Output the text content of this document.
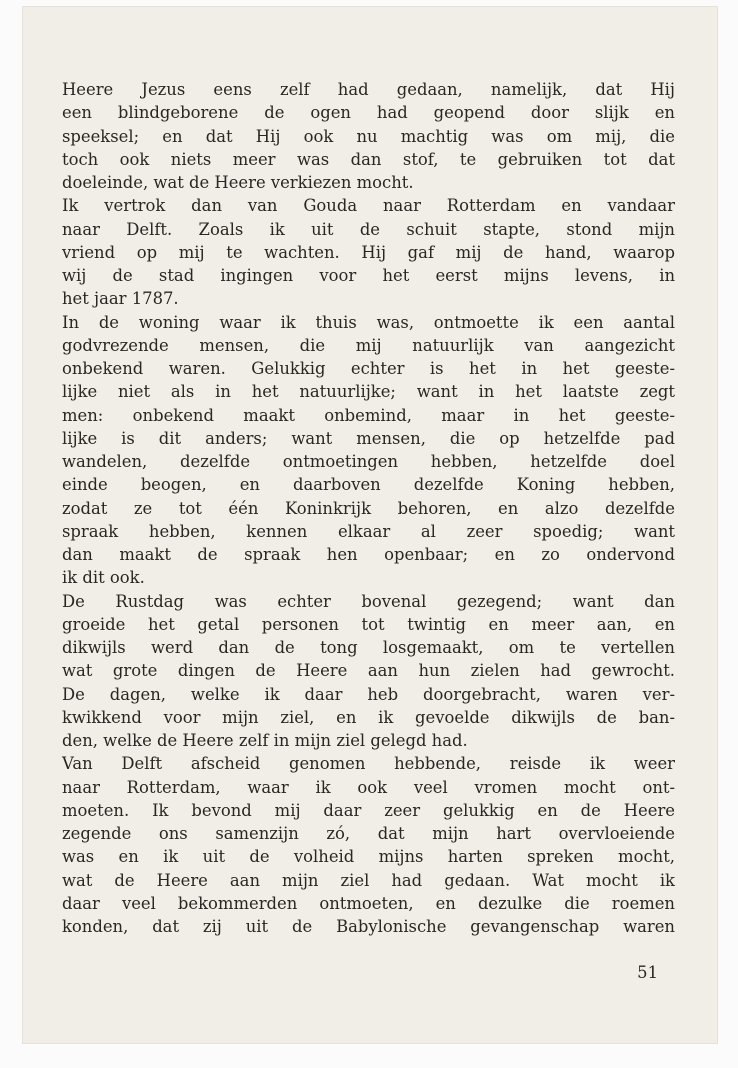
Heere Jezus eens zelf had gedaan, namelijk, dat Hij
een blindgeborene de ogen had geopend door slijk en
speeksel; en dat Hij ook nu machtig was om mij, die
toch ook niets meer was dan stof, te gebruiken tot dat
doeleinde, wat de Heere verkiezen mocht.
Ik vertrok dan van Gouda naar Rotterdam en vandaar
naar Delft. Zoals ik uit de schuit stapte, stond mijn
vriend op mij te wachten. Hij gaf mij de hand, waarop
wij de stad ingingen voor het eerst mijns levens, in
het jaar 1787.
In de woning waar ik thuis was, ontmoette ik een aantal
godvrezende mensen, die mij natuurlijk van aangezicht
onbekend waren. Gelukkig echter is het in het geeste-
lijke niet als in het natuurlijke; want in het laatste zegt
men: onbekend maakt onbemind, maar in het geeste-
lijke is dit anders; want mensen, die op hetzelfde pad
wandelen, dezelfde ontmoetingen hebben, hetzelfde doel
einde beogen, en daarboven dezelfde Koning hebben,
zodat ze tot één Koninkrijk behoren, en alzo dezelfde
spraak hebben, kennen elkaar al zeer spoedig; want
dan maakt de spraak hen openbaar; en zo ondervond
ik dit ook.
De Rustdag was echter bovenal gezegend; want dan
groeide het getal personen tot twintig en meer aan, en
dikwijls werd dan de tong losgemaakt, om te vertellen
wat grote dingen de Heere aan hun zielen had gewrocht.
De dagen, welke ik daar heb doorgebracht, waren ver-
kwikkend voor mijn ziel, en ik gevoelde dikwijls de ban-
den, welke de Heere zelf in mijn ziel gelegd had.
Van Delft afscheid genomen hebbende, reisde ik weer
naar Rotterdam, waar ik ook veel vromen mocht ont-
moeten. Ik bevond mij daar zeer gelukkig en de Heere
zegende ons samenzijn zó, dat mijn hart overvloeiende
was en ik uit de volheid mijns harten spreken mocht,
wat de Heere aan mijn ziel had gedaan. Wat mocht ik
daar veel bekommerden ontmoeten, en dezulke die roemen
konden, dat zij uit de Babylonische gevangenschap waren
51
